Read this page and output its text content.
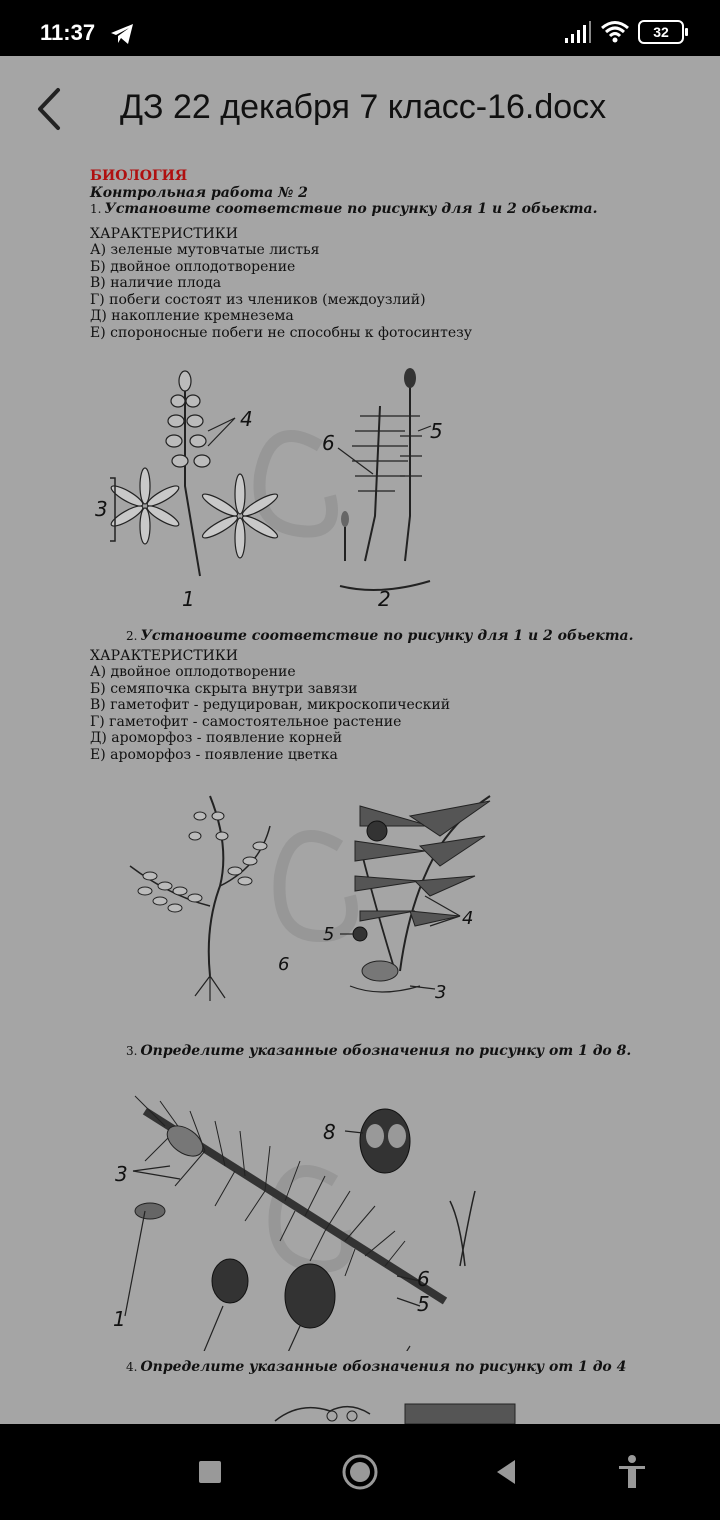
11:37	32
ДЗ 22 декабря 7 класс-16.docx
БИОЛОГИЯ
Контрольная работа № 2
1. Установите соответствие по рисунку для 1 и 2 обьекта.
ХАРАКТЕРИСТИКИ
А) зеленые мутовчатые листья
Б) двойное оплодотворение
В) наличие плода
Г) побеги состоят из члеников (междоузлий)
Д) накопление кремнезема
Е) спороносные побеги не способны к фотосинтезу
1	2
3
4	5
6
2. Установите соответствие по рисунку для 1 и 2 обьекта.
ХАРАКТЕРИСТИКИ
А) двойное оплодотворение
Б) семяпочка скрыта внутри завязи
В) гаметофит - редуцирован, микроскопический
Г) гаметофит - самостоятельное растение
Д) ароморфоз - появление корней
Е) ароморфоз - появление цветка
3
4
5
6
3. Определите указанные обозначения по рисунку от 1 до 8.
1
3
5
6
8
4. Определите указанные обозначения по рисунку от 1 до 4
